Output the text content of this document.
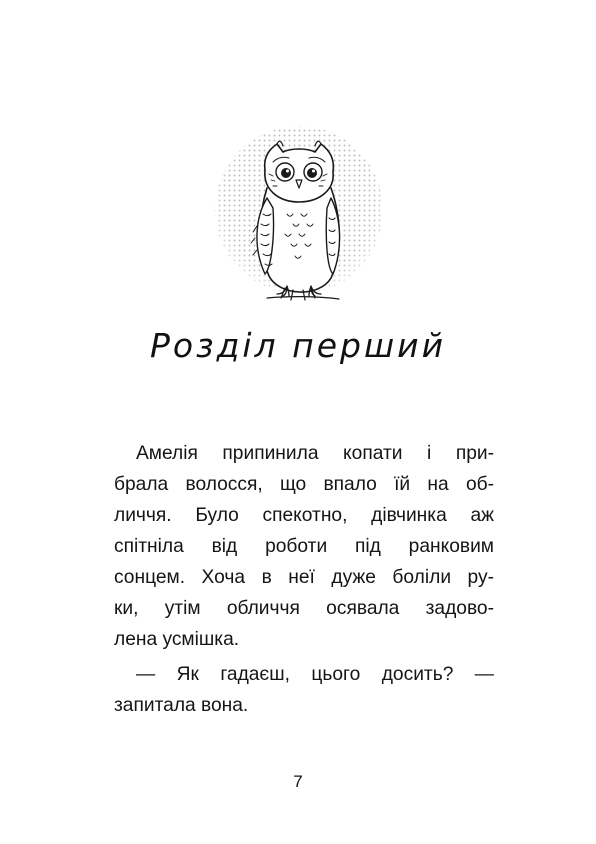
Розділ перший
Амелія припинила копати і при-
брала волосся, що впало їй на об-
личчя. Було спекотно, дівчинка аж
спітніла від роботи під ранковим
сонцем. Хоча в неї дуже боліли ру-
ки, утім обличчя осявала задово-
лена усмішка.
— Як гадаєш, цього досить? —
запитала вона.
7
